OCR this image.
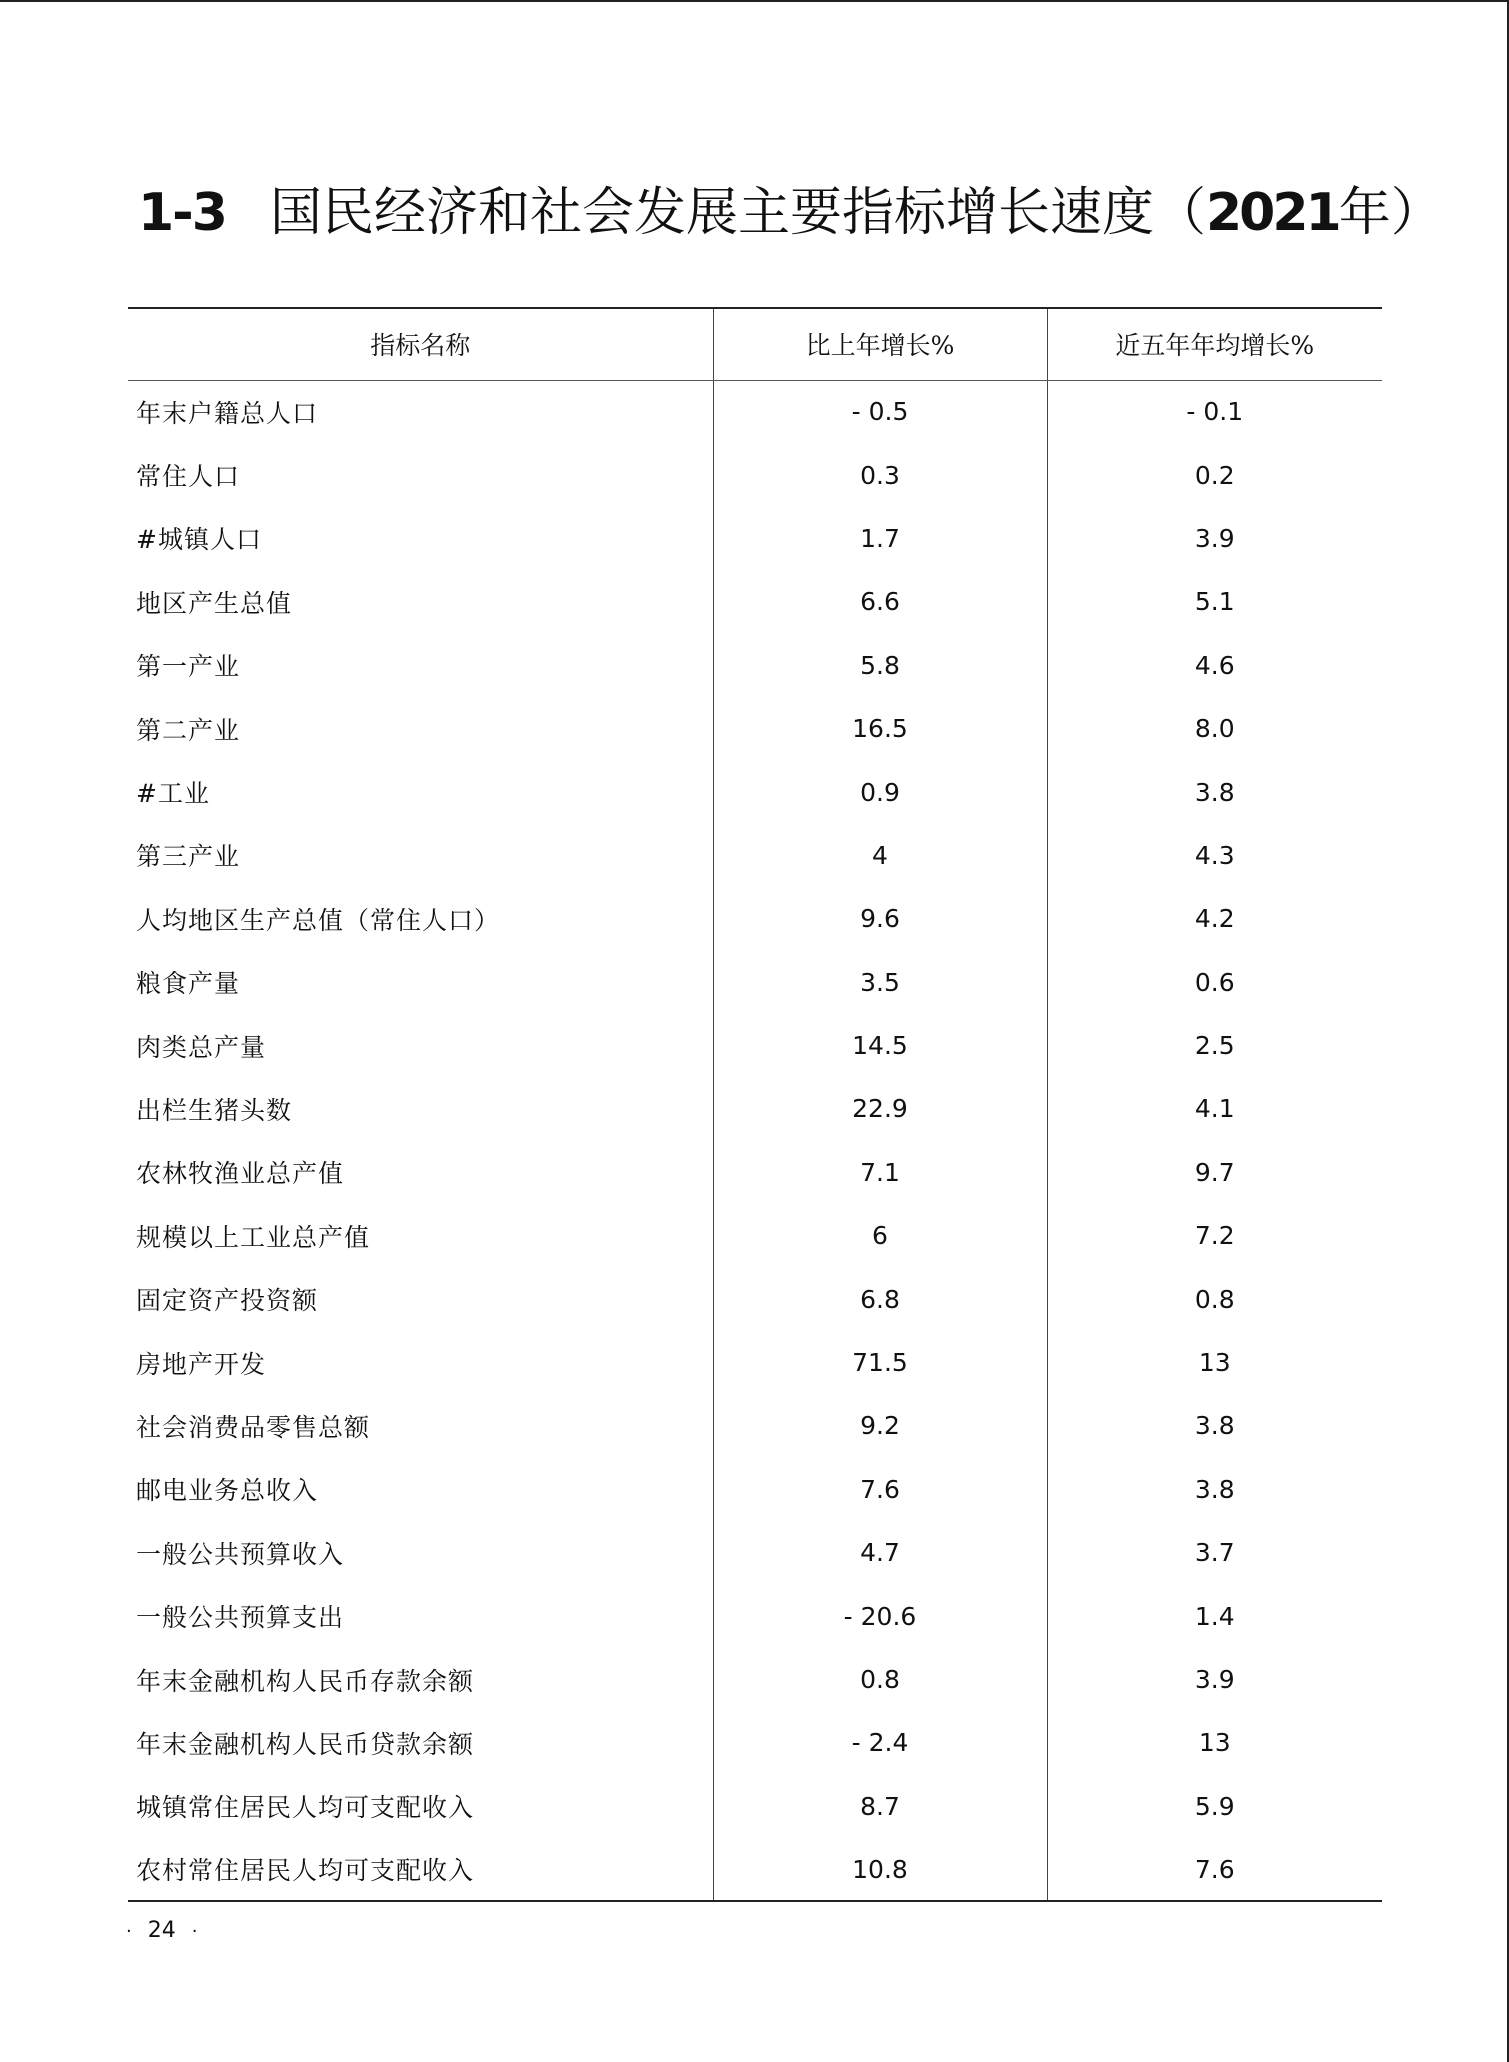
1-3 国民经济和社会发展主要指标增长速度（2021年）
指标名称	比上年增长%	近五年年均增长%
年末户籍总人口	- 0.5	- 0.1
常住人口	0.3	0.2
#城镇人口	1.7	3.9
地区产生总值	6.6	5.1
第一产业	5.8	4.6
第二产业	16.5	8.0
#工业	0.9	3.8
第三产业	4	4.3
人均地区生产总值（常住人口）	9.6	4.2
粮食产量	3.5	0.6
肉类总产量	14.5	2.5
出栏生猪头数	22.9	4.1
农林牧渔业总产值	7.1	9.7
规模以上工业总产值	6	7.2
固定资产投资额	6.8	0.8
房地产开发	71.5	13
社会消费品零售总额	9.2	3.8
邮电业务总收入	7.6	3.8
一般公共预算收入	4.7	3.7
一般公共预算支出	- 20.6	1.4
年末金融机构人民币存款余额	0.8	3.9
年末金融机构人民币贷款余额	- 2.4	13
城镇常住居民人均可支配收入	8.7	5.9
农村常住居民人均可支配收入	10.8	7.6
· 24 ·
